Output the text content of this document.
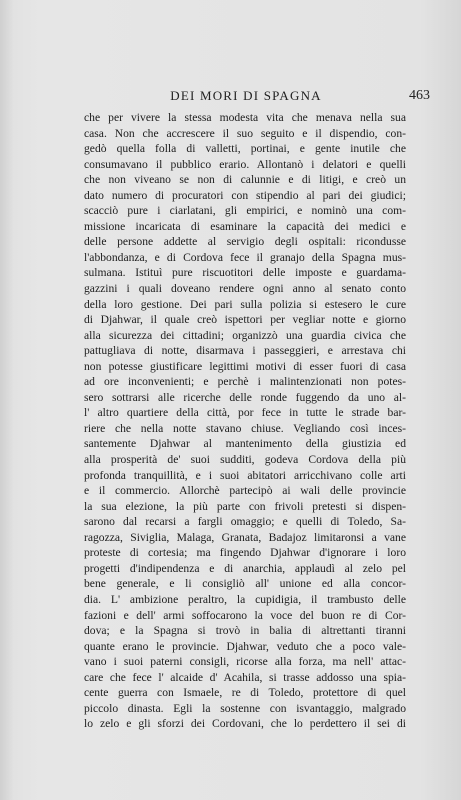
DEI MORI DI SPAGNA	463
che per vivere la stessa modesta vita che menava nella sua
casa. Non che accrescere il suo seguito e il dispendio, con-
gedò quella folla di valletti, portinai, e gente inutile che
consumavano il pubblico erario. Allontanò i delatori e quelli
che non viveano se non di calunnie e di litigi, e creò un
dato numero di procuratori con stipendio al pari dei giudici;
scacciò pure i ciarlatani, gli empirici, e nominò una com-
missione incaricata di esaminare la capacità dei medici e
delle persone addette al servigio degli ospitali: ricondusse
l'abbondanza, e di Cordova fece il granajo della Spagna mus-
sulmana. Istituì pure riscuotitori delle imposte e guardama-
gazzini i quali doveano rendere ogni anno al senato conto
della loro gestione. Dei pari sulla polizia si estesero le cure
di Djahwar, il quale creò ispettori per vegliar notte e giorno
alla sicurezza dei cittadini; organizzò una guardia civica che
pattugliava di notte, disarmava i passeggieri, e arrestava chi
non potesse giustificare legittimi motivi di esser fuori di casa
ad ore inconvenienti; e perchè i malintenzionati non potes-
sero sottrarsi alle ricerche delle ronde fuggendo da uno al-
l' altro quartiere della città, por fece in tutte le strade bar-
riere che nella notte stavano chiuse. Vegliando così inces-
santemente Djahwar al mantenimento della giustizia ed
alla prosperità de' suoi sudditi, godeva Cordova della più
profonda tranquillità, e i suoi abitatori arricchivano colle arti
e il commercio. Allorchè partecipò ai wali delle provincie
la sua elezione, la più parte con frivoli pretesti si dispen-
sarono dal recarsi a fargli omaggio; e quelli di Toledo, Sa-
ragozza, Siviglia, Malaga, Granata, Badajoz limitaronsi a vane
proteste di cortesia; ma fingendo Djahwar d'ignorare i loro
progetti d'indipendenza e di anarchia, applaudì al zelo pel
bene generale, e li consigliò all' unione ed alla concor-
dia. L' ambizione peraltro, la cupidigia, il trambusto delle
fazioni e dell' armi soffocarono la voce del buon re di Cor-
dova; e la Spagna si trovò in balia di altrettanti tiranni
quante erano le provincie. Djahwar, veduto che a poco vale-
vano i suoi paterni consigli, ricorse alla forza, ma nell' attac-
care che fece l' alcaide d' Acahila, si trasse addosso una spia-
cente guerra con Ismaele, re di Toledo, protettore di quel
piccolo dinasta. Egli la sostenne con isvantaggio, malgrado
lo zelo e gli sforzi dei Cordovani, che lo perdettero il sei di
